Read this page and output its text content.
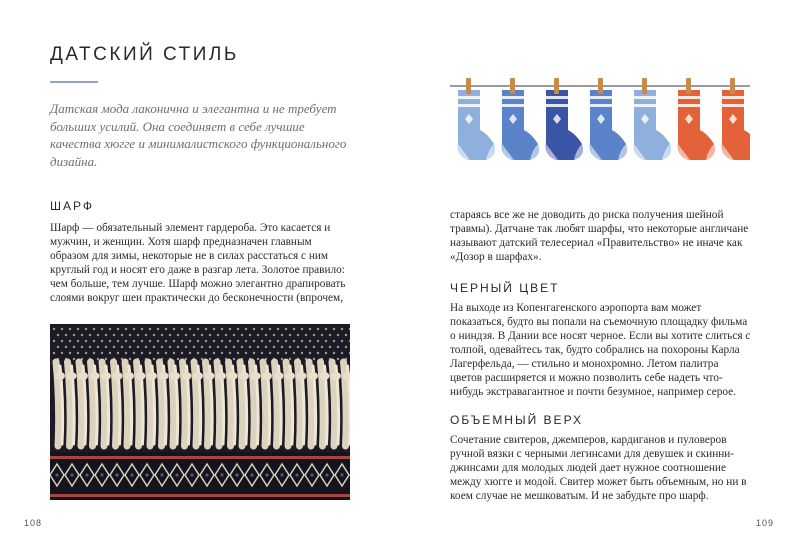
ДАТСКИЙ СТИЛЬ

Датская мода лаконична и элегантна и не требует больших усилий. Она соединяет в себе лучшие качества хюгге и минималистского функционального дизайна.

ШАРФ

Шарф — обязательный элемент гардероба. Это касается и мужчин, и женщин. Хотя шарф предназначен главным образом для зимы, некоторые не в силах расстаться с ним круглый год и носят его даже в разгар лета. Золотое правило: чем больше, тем лучше. Шарф можно элегантно драпировать слоями вокруг шеи практически до бесконечности (впрочем,

108

стараясь все же не доводить до риска получения шейной травмы). Датчане так любят шарфы, что некоторые англичане называют датский телесериал «Правительство» не иначе как «Дозор в шарфах».

ЧЕРНЫЙ ЦВЕТ

На выходе из Копенгагенского аэропорта вам может показаться, будто вы попали на съемочную площадку фильма о ниндзя. В Дании все носят черное. Если вы хотите слиться с толпой, одевайтесь так, будто собрались на похороны Карла Лагерфельда, — стильно и монохромно. Летом палитра цветов расширяется и можно позволить себе надеть что-нибудь экстравагантное и почти безумное, например серое.

ОБЪЕМНЫЙ ВЕРХ

Сочетание свитеров, джемперов, кардиганов и пуловеров ручной вязки с черными легинсами для девушек и скинни-джинсами для молодых людей дает нужное соотношение между хюгге и модой. Свитер может быть объемным, но ни в коем случае не мешковатым. И не забудьте про шарф.

109
